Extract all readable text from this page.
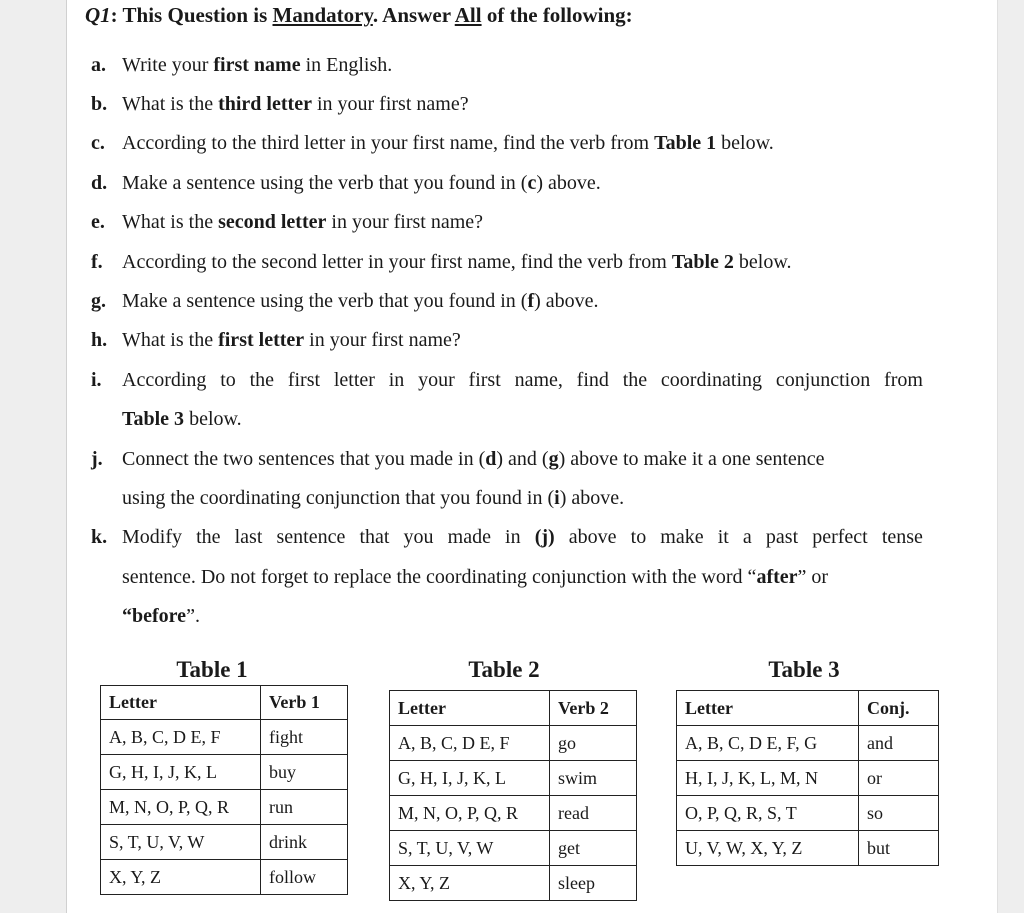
Q1: This Question is Mandatory. Answer All of the following:
a. Write your first name in English.
b. What is the third letter in your first name?
c. According to the third letter in your first name, find the verb from Table 1 below.
d. Make a sentence using the verb that you found in (c) above.
e. What is the second letter in your first name?
f. According to the second letter in your first name, find the verb from Table 2 below.
g. Make a sentence using the verb that you found in (f) above.
h. What is the first letter in your first name?
i.	According to the first letter in your first name, find the coordinating conjunction from
Table 3 below.
j. Connect the two sentences that you made in (d) and (g) above to make it a one sentence
using the coordinating conjunction that you found in (i) above.
k. Modify the last sentence that you made in (j) above to make it a past perfect tense
sentence. Do not forget to replace the coordinating conjunction with the word “after” or
“before”.
Table 1
Letter	Verb 1
A, B, C, D E, F	fight
G, H, I, J, K, L	buy
M, N, O, P, Q, R	run
S, T, U, V, W	drink
X, Y, Z	follow
Table 2
Letter	Verb 2
A, B, C, D E, F	go
G, H, I, J, K, L	swim
M, N, O, P, Q, R	read
S, T, U, V, W	get
X, Y, Z	sleep
Table 3
Letter	Conj.
A, B, C, D E, F, G	and
H, I, J, K, L, M, N	or
O, P, Q, R, S, T	so
U, V, W, X, Y, Z	but
